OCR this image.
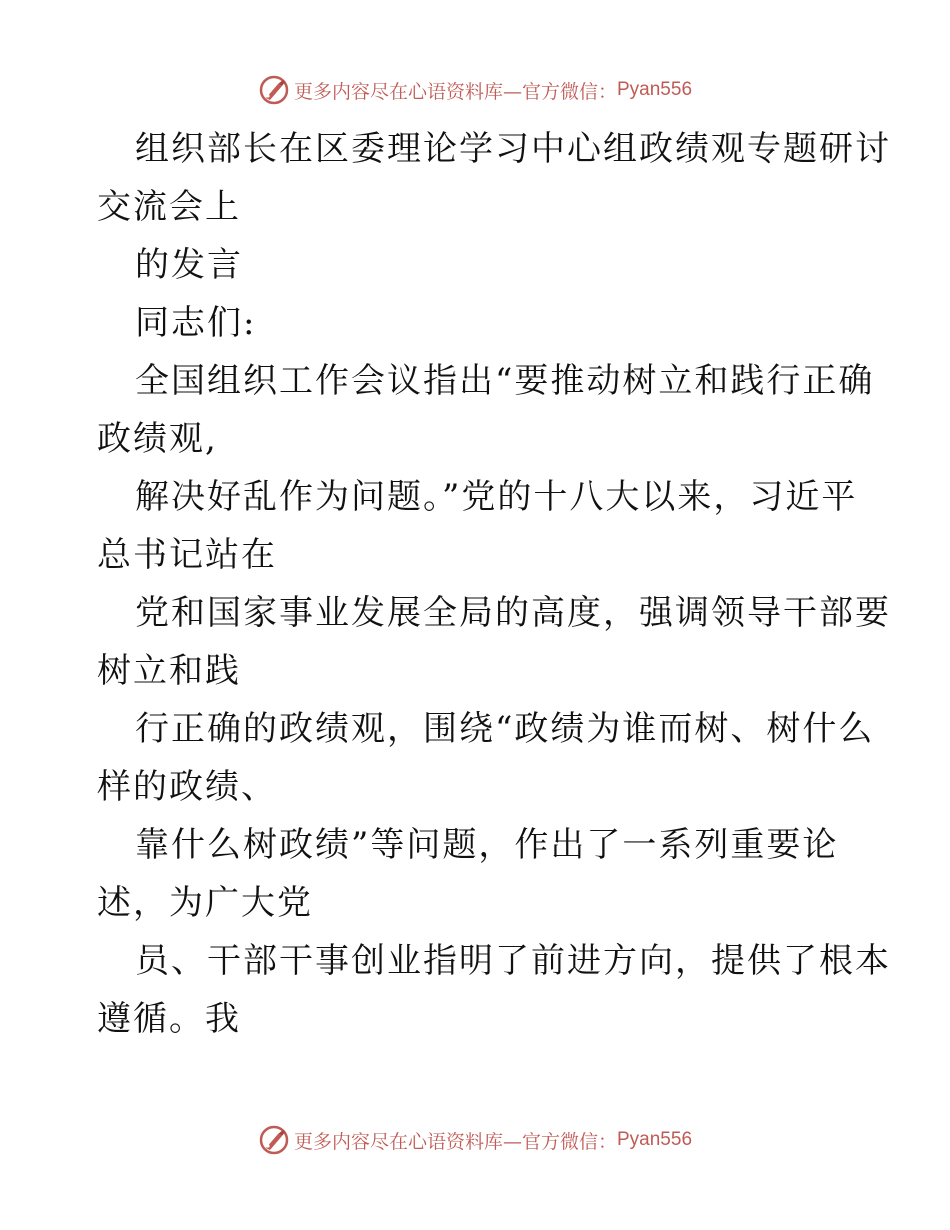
更多内容尽在心语资料库—官方微信： Pyan556
组织部长在区委理论学习中心组政绩观专题研讨
交流会上
的发言
同志们:
全国组织工作会议指出“要推动树立和践行正确
政绩观,
解决好乱作为问题。”党的十八大以来，习近平
总书记站在
党和国家事业发展全局的高度，强调领导干部要
树立和践
行正确的政绩观，围绕“政绩为谁而树、树什么
样的政绩、
靠什么树政绩”等问题，作出了一系列重要论
述，为广大党
员、干部干事创业指明了前进方向，提供了根本
遵循。我
更多内容尽在心语资料库—官方微信： Pyan556
